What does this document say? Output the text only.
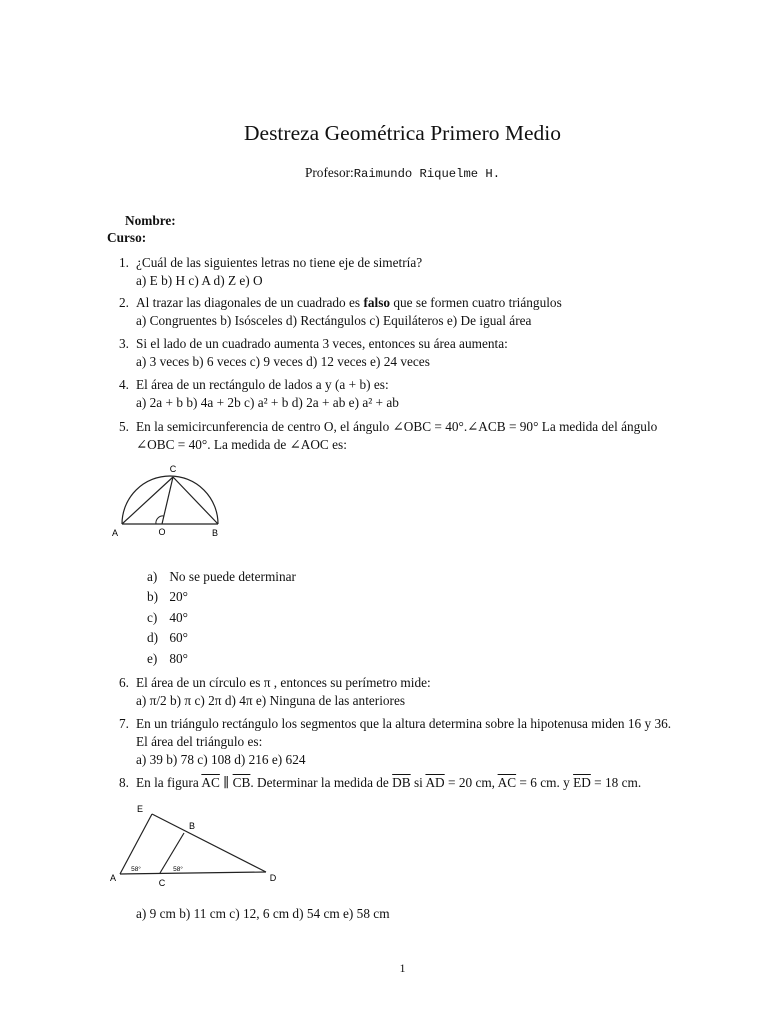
Destreza Geométrica Primero Medio
Profesor:Raimundo Riquelme H.
Nombre:
Curso:
1. ¿Cuál de las siguientes letras no tiene eje de simetría?
a) E b) H c) A d) Z e) O
2. Al trazar las diagonales de un cuadrado es falso que se formen cuatro triángulos
a) Congruentes b) Isósceles d) Rectángulos c) Equiláteros e) De igual área
3. Si el lado de un cuadrado aumenta 3 veces, entonces su área aumenta:
a) 3 veces b) 6 veces c) 9 veces d) 12 veces e) 24 veces
4. El área de un rectángulo de lados a y (a + b) es:
a) 2a + b b) 4a + 2b c) a² + b d) 2a + ab e) a² + ab
5. En la semicircunferencia de centro O, el ángulo ∠OBC = 40°.∠ACB = 90° La medida del ángulo
∠OBC = 40°. La medida de ∠AOC es:
C
A	O	B
a) No se puede determinar
b) 20°
c) 40°
d) 60°
e) 80°
6. El área de un círculo es π , entonces su perímetro mide:
a) π/2 b) π c) 2π d) 4π e) Ninguna de las anteriores
7. En un triángulo rectángulo los segmentos que la altura determina sobre la hipotenusa miden 16 y 36.
El área del triángulo es:
a) 39 b) 78 c) 108 d) 216 e) 624
8. En la figura $\overline{AC}$ ∥ $\overline{CB}$. Determinar la medida de $\overline{DB}$ si $\overline{AD} = 20$ cm, $\overline{AC} = 6$ cm. y $\overline{ED} = 18$ cm.
E
B
A	C	D
58°	58°
a) 9 cm b) 11 cm c) 12, 6 cm d) 54 cm e) 58 cm
1
